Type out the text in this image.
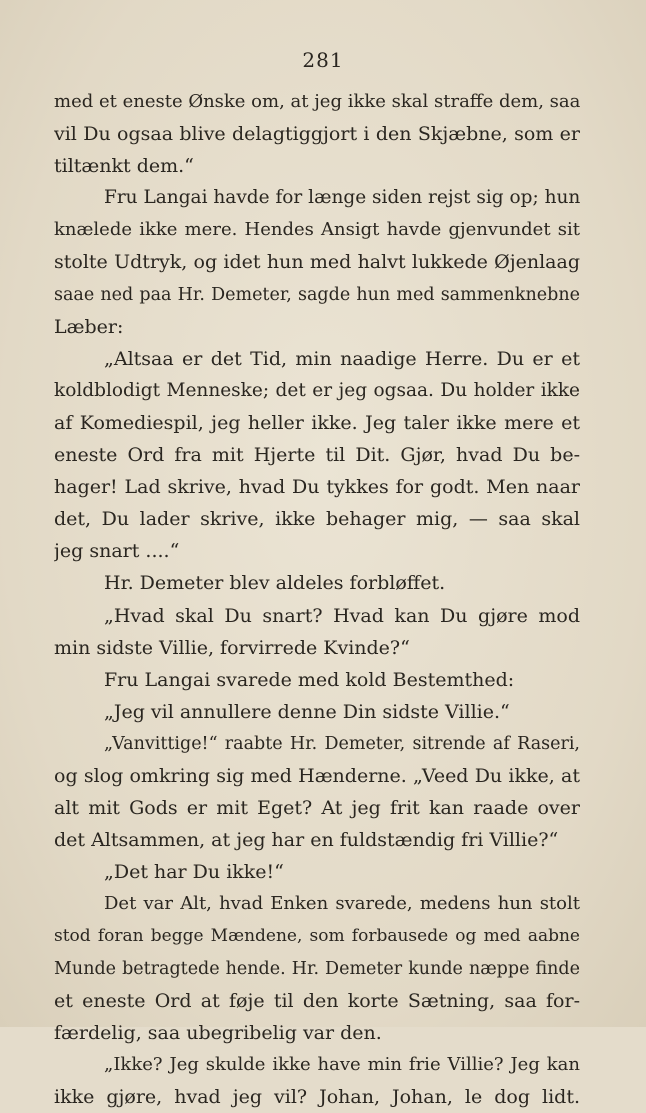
281
med et eneste Ønske om, at jeg ikke skal straffe dem, saa
vil Du ogsaa blive delagtiggjort i den Skjæbne, som er
tiltænkt dem.“
Fru Langai havde for længe siden rejst sig op; hun
knælede ikke mere. Hendes Ansigt havde gjenvundet sit
stolte Udtryk, og idet hun med halvt lukkede Øjenlaag
saae ned paa Hr. Demeter, sagde hun med sammenknebne
Læber:
„Altsaa er det Tid, min naadige Herre. Du er et
koldblodigt Menneske; det er jeg ogsaa. Du holder ikke
af Komediespil, jeg heller ikke. Jeg taler ikke mere et
eneste Ord fra mit Hjerte til Dit. Gjør, hvad Du be-
hager! Lad skrive, hvad Du tykkes for godt. Men naar
det, Du lader skrive, ikke behager mig, — saa skal
jeg snart ....“
Hr. Demeter blev aldeles forbløffet.
„Hvad skal Du snart? Hvad kan Du gjøre mod
min sidste Villie, forvirrede Kvinde?“
Fru Langai svarede med kold Bestemthed:
„Jeg vil annullere denne Din sidste Villie.“
„Vanvittige!“ raabte Hr. Demeter, sitrende af Raseri,
og slog omkring sig med Hænderne. „Veed Du ikke, at
alt mit Gods er mit Eget? At jeg frit kan raade over
det Altsammen, at jeg har en fuldstændig fri Villie?“
„Det har Du ikke!“
Det var Alt, hvad Enken svarede, medens hun stolt
stod foran begge Mændene, som forbausede og med aabne
Munde betragtede hende. Hr. Demeter kunde næppe finde
et eneste Ord at føje til den korte Sætning, saa for-
færdelig, saa ubegribelig var den.
„Ikke? Jeg skulde ikke have min frie Villie? Jeg kan
ikke gjøre, hvad jeg vil? Johan, Johan, le dog lidt.
